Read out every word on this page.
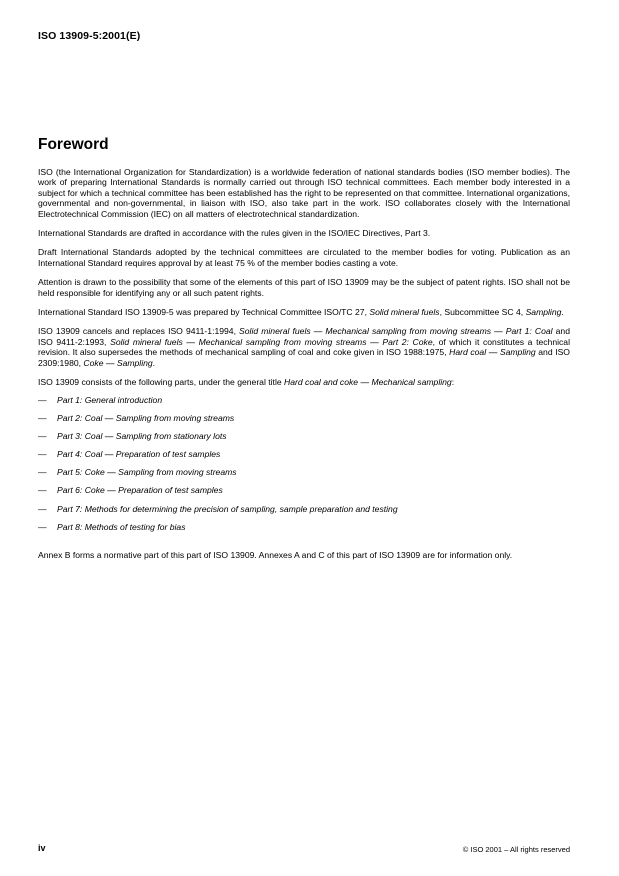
ISO 13909-5:2001(E)
Foreword

ISO (the International Organization for Standardization) is a worldwide federation of national standards bodies (ISO member bodies). The work of preparing International Standards is normally carried out through ISO technical committees. Each member body interested in a subject for which a technical committee has been established has the right to be represented on that committee. International organizations, governmental and non-governmental, in liaison with ISO, also take part in the work. ISO collaborates closely with the International Electrotechnical Commission (IEC) on all matters of electrotechnical standardization.

International Standards are drafted in accordance with the rules given in the ISO/IEC Directives, Part 3.

Draft International Standards adopted by the technical committees are circulated to the member bodies for voting. Publication as an International Standard requires approval by at least 75 % of the member bodies casting a vote.

Attention is drawn to the possibility that some of the elements of this part of ISO 13909 may be the subject of patent rights. ISO shall not be held responsible for identifying any or all such patent rights.

International Standard ISO 13909-5 was prepared by Technical Committee ISO/TC 27, Solid mineral fuels, Subcommittee SC 4, Sampling.

ISO 13909 cancels and replaces ISO 9411-1:1994, Solid mineral fuels — Mechanical sampling from moving streams — Part 1: Coal and ISO 9411-2:1993, Solid mineral fuels — Mechanical sampling from moving streams — Part 2: Coke, of which it constitutes a technical revision. It also supersedes the methods of mechanical sampling of coal and coke given in ISO 1988:1975, Hard coal — Sampling and ISO 2309:1980, Coke — Sampling.

ISO 13909 consists of the following parts, under the general title Hard coal and coke — Mechanical sampling:

— Part 1: General introduction
— Part 2: Coal — Sampling from moving streams
— Part 3: Coal — Sampling from stationary lots
— Part 4: Coal — Preparation of test samples
— Part 5: Coke — Sampling from moving streams
— Part 6: Coke — Preparation of test samples
— Part 7: Methods for determining the precision of sampling, sample preparation and testing
— Part 8: Methods of testing for bias

Annex B forms a normative part of this part of ISO 13909. Annexes A and C of this part of ISO 13909 are for information only.

iv	© ISO 2001 – All rights reserved
